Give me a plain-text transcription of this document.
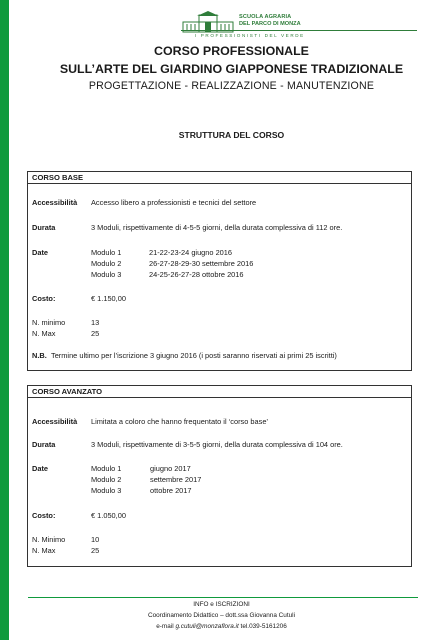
SCUOLA AGRARIA
DEL PARCO DI MONZA
I PROFESSIONISTI DEL VERDE
CORSO PROFESSIONALE
SULL’ARTE DEL GIARDINO GIAPPONESE TRADIZIONALE
PROGETTAZIONE - REALIZZAZIONE - MANUTENZIONE
STRUTTURA DEL CORSO
CORSO BASE
Accessibilità Accesso libero a professionisti e tecnici del settore
Durata	3 Moduli, rispettivamente di 4-5-5 giorni, della durata complessiva di 112 ore.
Date	Modulo 1	21-22-23-24 giugno 2016
Modulo 2	26-27-28-29-30 settembre 2016
Modulo 3	24-25-26-27-28 ottobre 2016
Costo:	€ 1.150,00
N. minimo	13
N. Max	25
N.B. Termine ultimo per l’iscrizione 3 giugno 2016 (i posti saranno riservati ai primi 25 iscritti)
CORSO AVANZATO
Accessibilità Limitata a coloro che hanno frequentato il ‘corso base’
Durata	3 Moduli, rispettivamente di 3-5-5 giorni, della durata complessiva di 104 ore.
Date	Modulo 1	giugno 2017
Modulo 2	settembre 2017
Modulo 3	ottobre 2017
Costo:	€ 1.050,00
N. Minimo	10
N. Max	25
INFO e ISCRIZIONI
Coordinamento Didattico – dott.ssa Giovanna Cutuli
e-mail g.cutuli@monzaflora.it tel.039-5161206
